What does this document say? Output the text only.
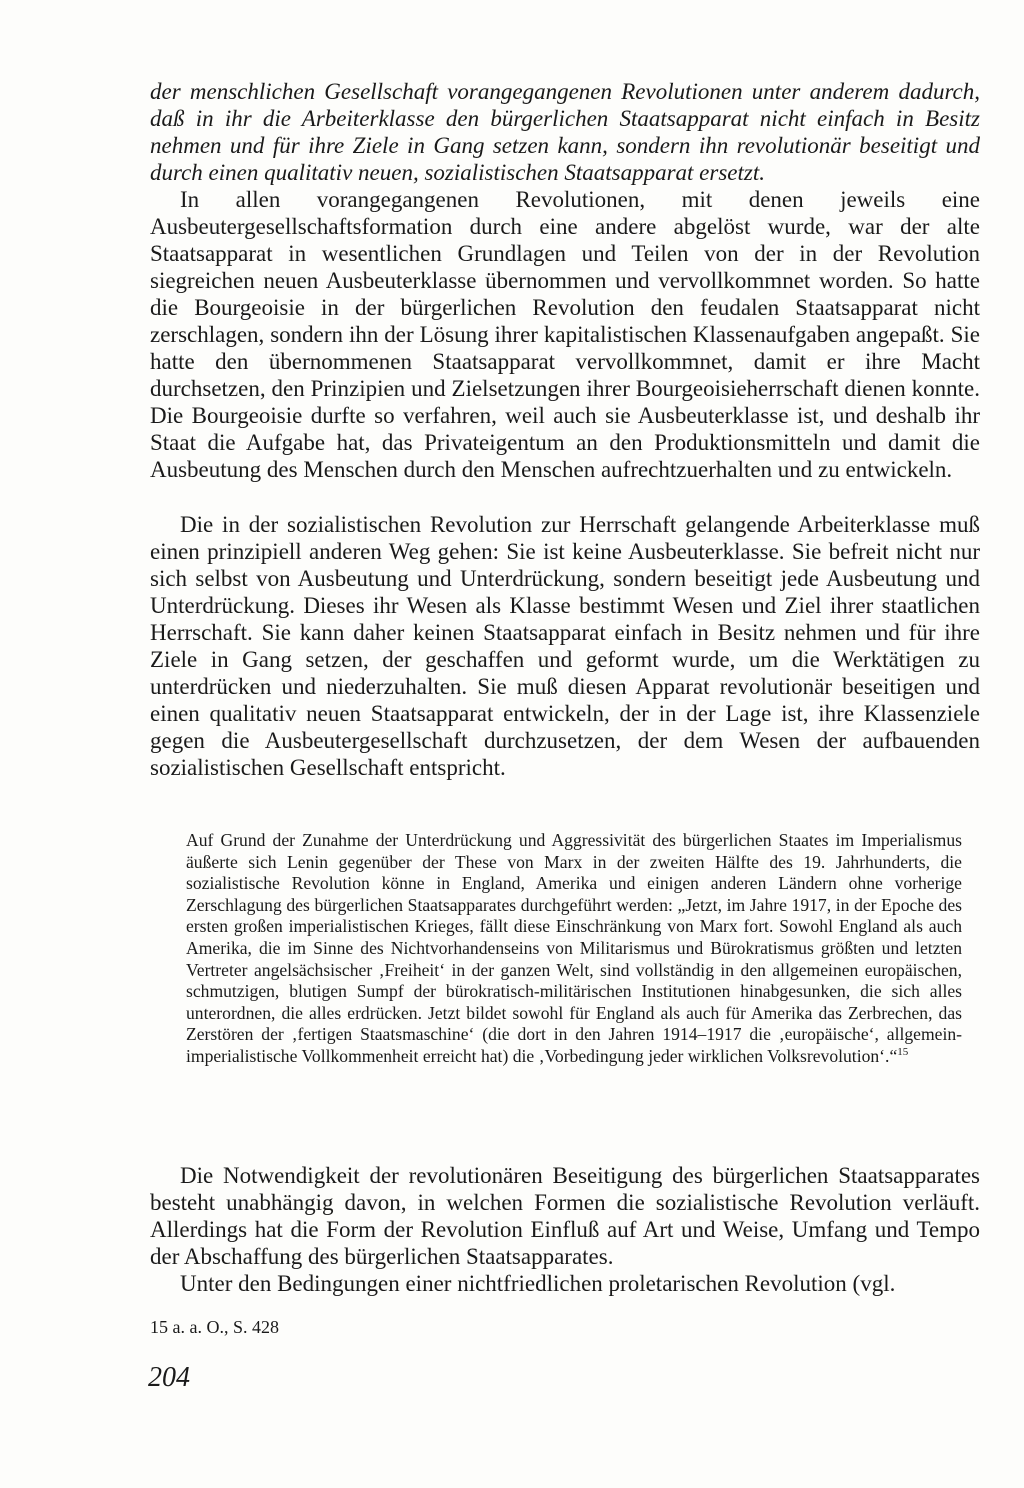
der menschlichen Gesellschaft vorangegangenen Revolutionen unter anderem dadurch, daß in ihr die Arbeiterklasse den bürgerlichen Staatsapparat nicht einfach in Besitz nehmen und für ihre Ziele in Gang setzen kann, sondern ihn revolutionär beseitigt und durch einen qualitativ neuen, sozialistischen Staatsapparat ersetzt.

In allen vorangegangenen Revolutionen, mit denen jeweils eine Ausbeutergesellschaftsformation durch eine andere abgelöst wurde, war der alte Staatsapparat in wesentlichen Grundlagen und Teilen von der in der Revolution siegreichen neuen Ausbeuterklasse übernommen und vervollkommnet worden. So hatte die Bourgeoisie in der bürgerlichen Revolution den feudalen Staatsapparat nicht zerschlagen, sondern ihn der Lösung ihrer kapitalistischen Klassenaufgaben angepaßt. Sie hatte den übernommenen Staatsapparat vervollkommnet, damit er ihre Macht durchsetzen, den Prinzipien und Zielsetzungen ihrer Bourgeoisieherrschaft dienen konnte. Die Bourgeoisie durfte so verfahren, weil auch sie Ausbeuterklasse ist, und deshalb ihr Staat die Aufgabe hat, das Privateigentum an den Produktionsmitteln und damit die Ausbeutung des Menschen durch den Menschen aufrechtzuerhalten und zu entwickeln.

Die in der sozialistischen Revolution zur Herrschaft gelangende Arbeiterklasse muß einen prinzipiell anderen Weg gehen: Sie ist keine Ausbeuterklasse. Sie befreit nicht nur sich selbst von Ausbeutung und Unterdrückung, sondern beseitigt jede Ausbeutung und Unterdrückung. Dieses ihr Wesen als Klasse bestimmt Wesen und Ziel ihrer staatlichen Herrschaft. Sie kann daher keinen Staatsapparat einfach in Besitz nehmen und für ihre Ziele in Gang setzen, der geschaffen und geformt wurde, um die Werktätigen zu unterdrücken und niederzuhalten. Sie muß diesen Apparat revolutionär beseitigen und einen qualitativ neuen Staatsapparat entwickeln, der in der Lage ist, ihre Klassenziele gegen die Ausbeutergesellschaft durchzusetzen, der dem Wesen der aufbauenden sozialistischen Gesellschaft entspricht.

Auf Grund der Zunahme der Unterdrückung und Aggressivität des bürgerlichen Staates im Imperialismus äußerte sich Lenin gegenüber der These von Marx in der zweiten Hälfte des 19. Jahrhunderts, die sozialistische Revolution könne in England, Amerika und einigen anderen Ländern ohne vorherige Zerschlagung des bürgerlichen Staatsapparates durchgeführt werden: „Jetzt, im Jahre 1917, in der Epoche des ersten großen imperialistischen Krieges, fällt diese Einschränkung von Marx fort. Sowohl England als auch Amerika, die im Sinne des Nichtvorhandenseins von Militarismus und Bürokratismus größten und letzten Vertreter angelsächsischer ‚Freiheit‘ in der ganzen Welt, sind vollständig in den allgemeinen europäischen, schmutzigen, blutigen Sumpf der bürokratisch-militärischen Institutionen hinabgesunken, die sich alles unterordnen, die alles erdrücken. Jetzt bildet sowohl für England als auch für Amerika das Zerbrechen, das Zerstören der ‚fertigen Staatsmaschine‘ (die dort in den Jahren 1914–1917 die ‚europäische‘, allgemein-imperialistische Vollkommenheit erreicht hat) die ‚Vorbedingung jeder wirklichen Volksrevolution‘.“$^{15}$

Die Notwendigkeit der revolutionären Beseitigung des bürgerlichen Staatsapparates besteht unabhängig davon, in welchen Formen die sozialistische Revolution verläuft. Allerdings hat die Form der Revolution Einfluß auf Art und Weise, Umfang und Tempo der Abschaffung des bürgerlichen Staatsapparates.

Unter den Bedingungen einer nichtfriedlichen proletarischen Revolution (vgl.

15 a. a. O., S. 428
204
